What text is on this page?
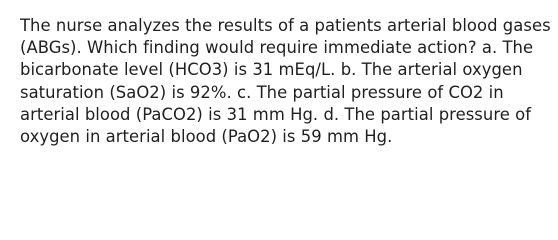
The nurse analyzes the results of a patients arterial blood gases
(ABGs). Which finding would require immediate action? a. The
bicarbonate level (HCO3) is 31 mEq/L. b. The arterial oxygen
saturation (SaO2) is 92%. c. The partial pressure of CO2 in
arterial blood (PaCO2) is 31 mm Hg. d. The partial pressure of
oxygen in arterial blood (PaO2) is 59 mm Hg.
